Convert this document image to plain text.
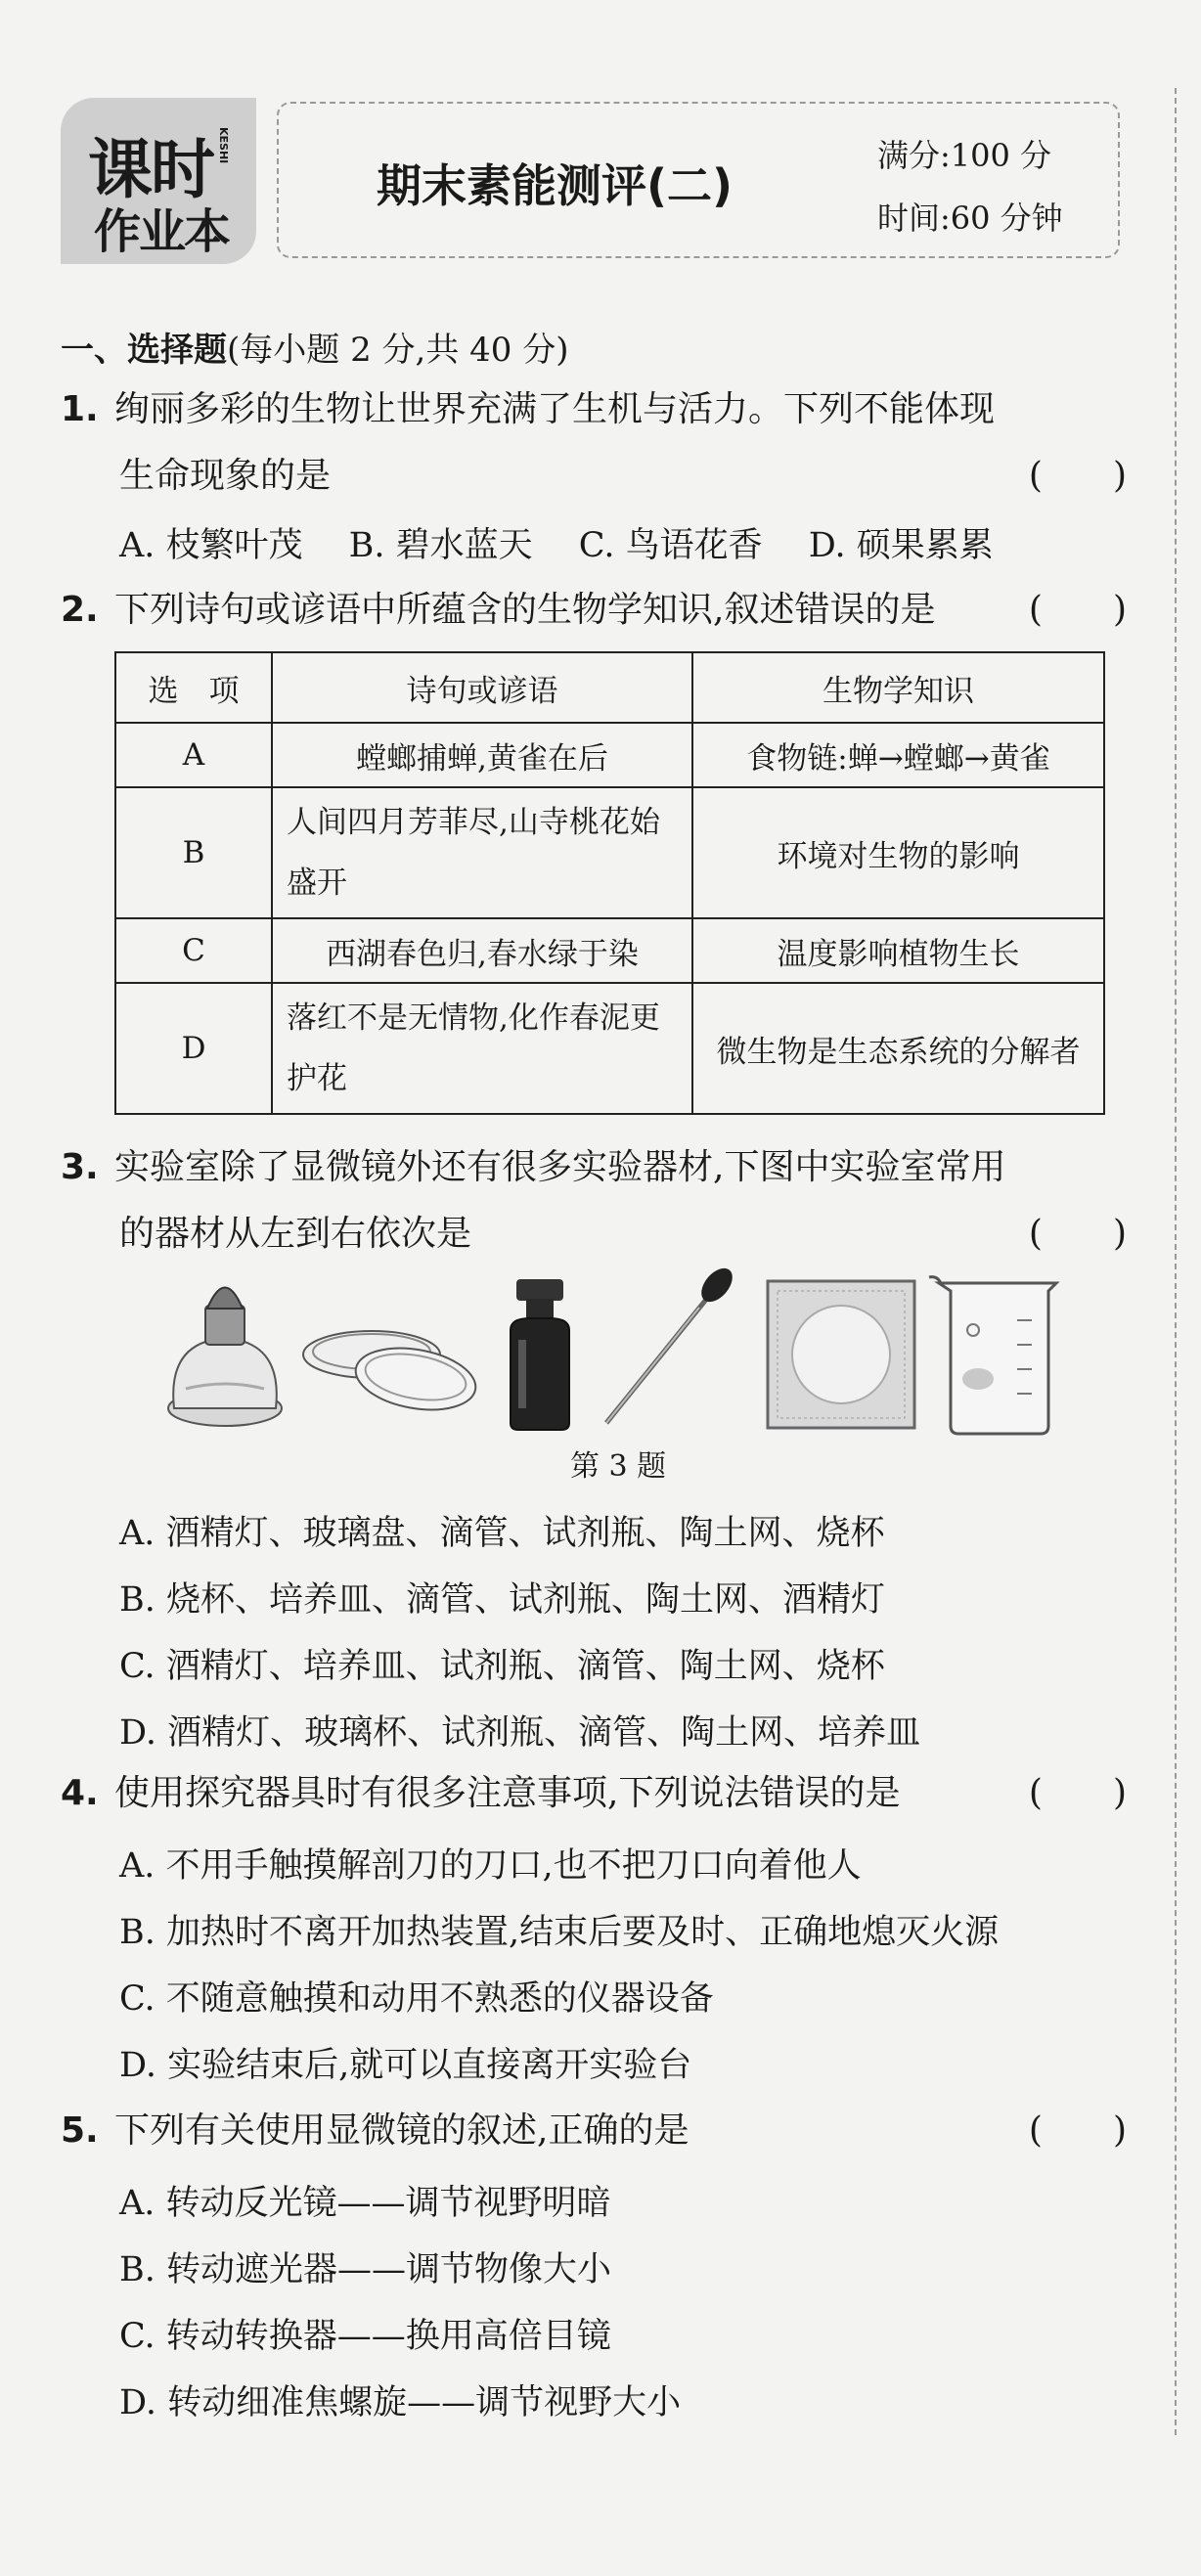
课时 KESHI
作业本
期末素能测评(二)
满分:100 分
时间:60 分钟
一、选择题(每小题 2 分,共 40 分)
1. 绚丽多彩的生物让世界充满了生机与活力。下列不能体现
生命现象的是	(　　)
A. 枝繁叶茂 B. 碧水蓝天 C. 鸟语花香 D. 硕果累累
2. 下列诗句或谚语中所蕴含的生物学知识,叙述错误的是	(　　)
选　项	诗句或谚语	生物学知识
A	螳螂捕蝉,黄雀在后	食物链:蝉→螳螂→黄雀
B	人间四月芳菲尽,山寺桃花始盛开	环境对生物的影响
C	西湖春色归,春水绿于染	温度影响植物生长
D	落红不是无情物,化作春泥更护花	微生物是生态系统的分解者
3. 实验室除了显微镜外还有很多实验器材,下图中实验室常用
的器材从左到右依次是	(　　)
第 3 题
A. 酒精灯、玻璃盘、滴管、试剂瓶、陶土网、烧杯
B. 烧杯、培养皿、滴管、试剂瓶、陶土网、酒精灯
C. 酒精灯、培养皿、试剂瓶、滴管、陶土网、烧杯
D. 酒精灯、玻璃杯、试剂瓶、滴管、陶土网、培养皿
4. 使用探究器具时有很多注意事项,下列说法错误的是	(　　)
A. 不用手触摸解剖刀的刀口,也不把刀口向着他人
B. 加热时不离开加热装置,结束后要及时、正确地熄灭火源
C. 不随意触摸和动用不熟悉的仪器设备
D. 实验结束后,就可以直接离开实验台
5. 下列有关使用显微镜的叙述,正确的是	(　　)
A. 转动反光镜——调节视野明暗
B. 转动遮光器——调节物像大小
C. 转动转换器——换用高倍目镜
D. 转动细准焦螺旋——调节视野大小
